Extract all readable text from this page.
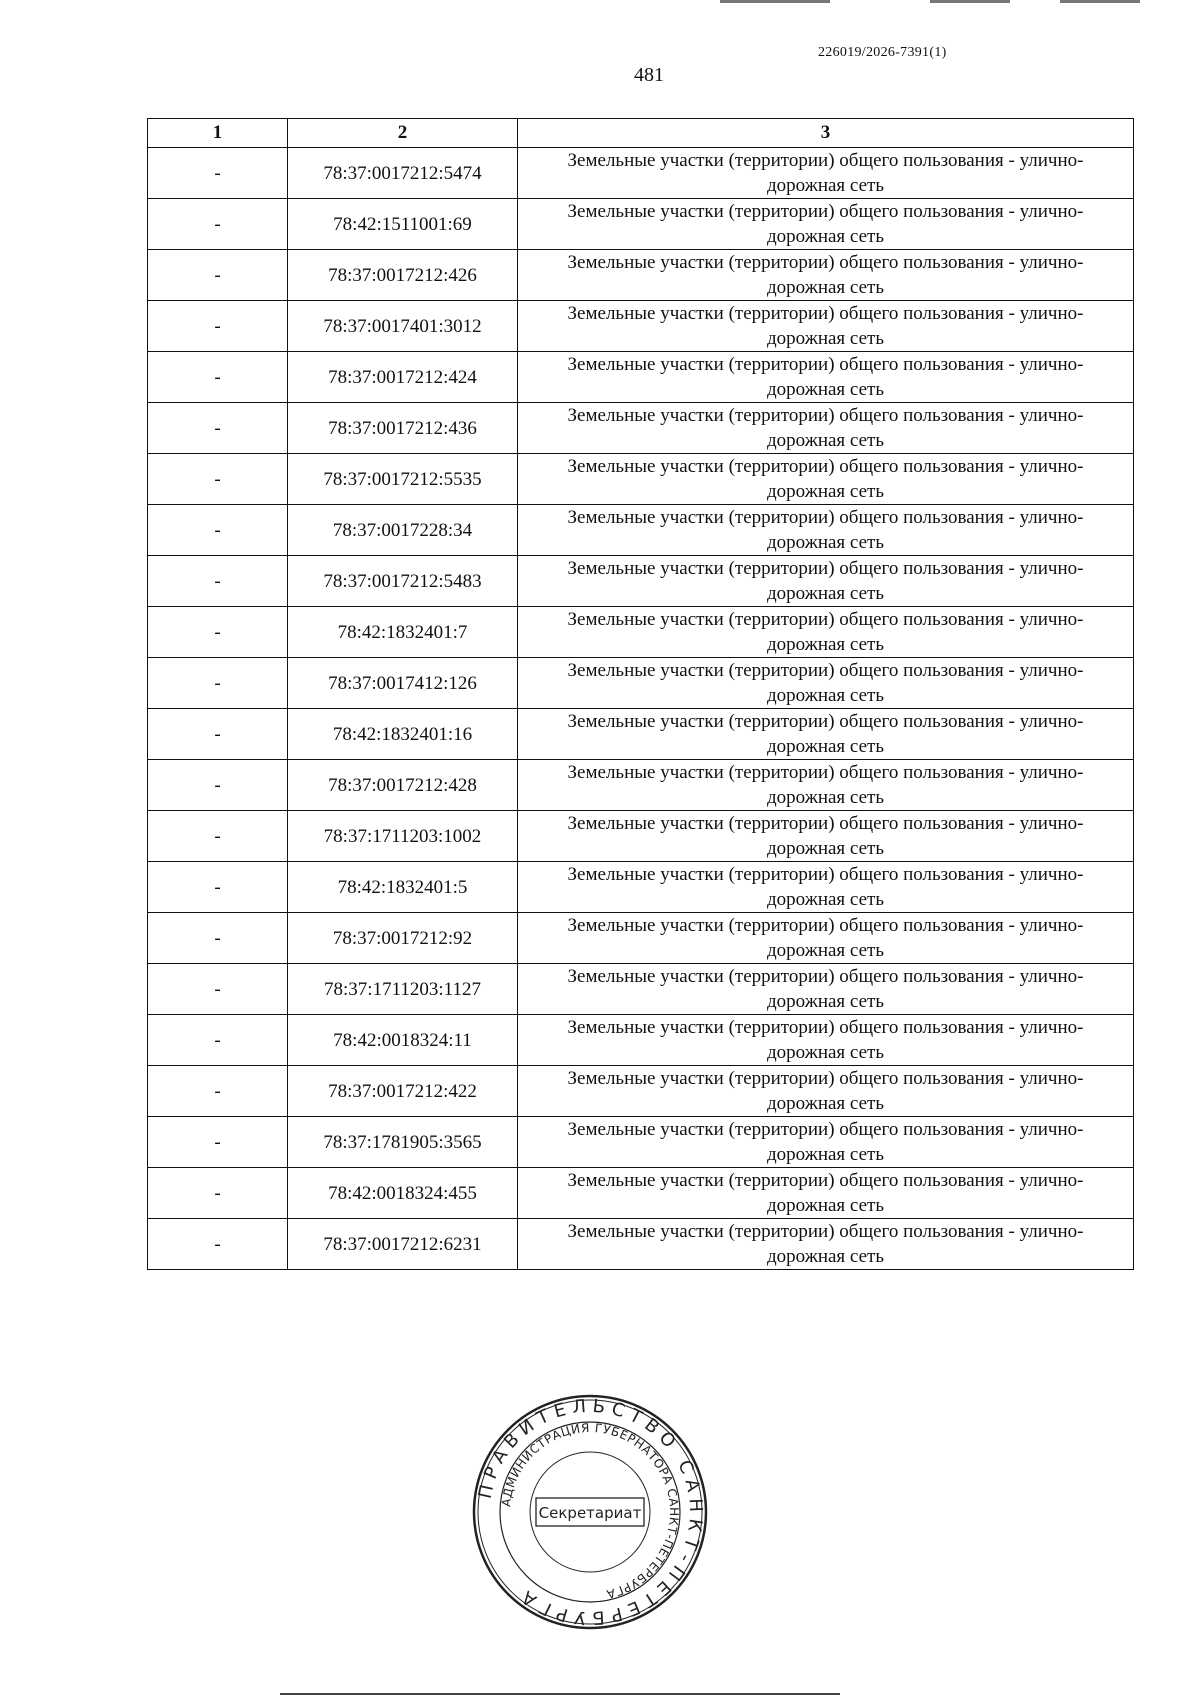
226019/2026-7391(1)
481
1	2	3
-	78:37:0017212:5474	Земельные участки (территории) общего пользования - улично-дорожная сеть
-	78:42:1511001:69	Земельные участки (территории) общего пользования - улично-дорожная сеть
-	78:37:0017212:426	Земельные участки (территории) общего пользования - улично-дорожная сеть
-	78:37:0017401:3012	Земельные участки (территории) общего пользования - улично-дорожная сеть
-	78:37:0017212:424	Земельные участки (территории) общего пользования - улично-дорожная сеть
-	78:37:0017212:436	Земельные участки (территории) общего пользования - улично-дорожная сеть
-	78:37:0017212:5535	Земельные участки (территории) общего пользования - улично-дорожная сеть
-	78:37:0017228:34	Земельные участки (территории) общего пользования - улично-дорожная сеть
-	78:37:0017212:5483	Земельные участки (территории) общего пользования - улично-дорожная сеть
-	78:42:1832401:7	Земельные участки (территории) общего пользования - улично-дорожная сеть
-	78:37:0017412:126	Земельные участки (территории) общего пользования - улично-дорожная сеть
-	78:42:1832401:16	Земельные участки (территории) общего пользования - улично-дорожная сеть
-	78:37:0017212:428	Земельные участки (территории) общего пользования - улично-дорожная сеть
-	78:37:1711203:1002	Земельные участки (территории) общего пользования - улично-дорожная сеть
-	78:42:1832401:5	Земельные участки (территории) общего пользования - улично-дорожная сеть
-	78:37:0017212:92	Земельные участки (территории) общего пользования - улично-дорожная сеть
-	78:37:1711203:1127	Земельные участки (территории) общего пользования - улично-дорожная сеть
-	78:42:0018324:11	Земельные участки (территории) общего пользования - улично-дорожная сеть
-	78:37:0017212:422	Земельные участки (территории) общего пользования - улично-дорожная сеть
-	78:37:1781905:3565	Земельные участки (территории) общего пользования - улично-дорожная сеть
-	78:42:0018324:455	Земельные участки (территории) общего пользования - улично-дорожная сеть
-	78:37:0017212:6231	Земельные участки (территории) общего пользования - улично-дорожная сеть
ПРАВИТЕЛЬСТВО САНКТ-ПЕТЕРБУРГА
АДМИНИСТРАЦИЯ ГУБЕРНАТОРА САНКТ-ПЕТЕРБУРГА
Секретариат
